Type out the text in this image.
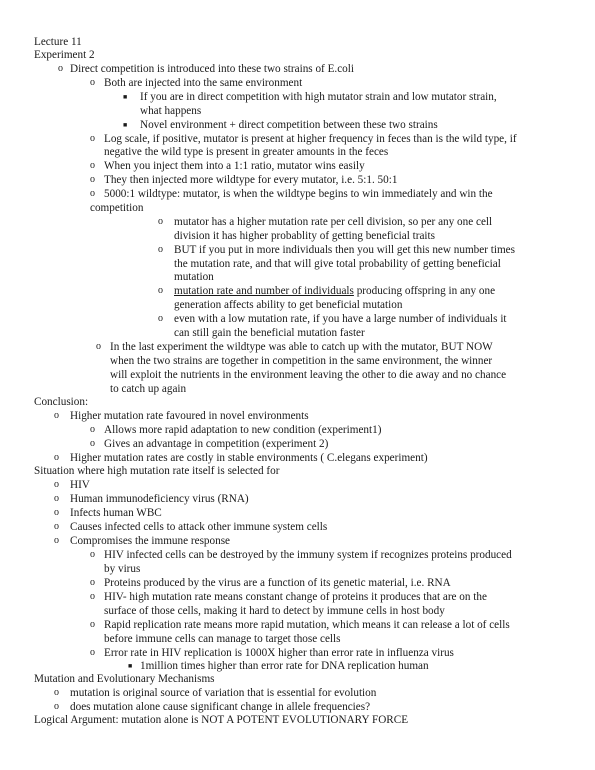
Lecture 11
Experiment 2
o Direct competition is introduced into these two strains of E.coli
o Both are injected into the same environment
■ If you are in direct competition with high mutator strain and low mutator strain,
what happens
■ Novel environment + direct competition between these two strains
o Log scale, if positive, mutator is present at higher frequency in feces than is the wild type, if
negative the wild type is present in greater amounts in the feces
o When you inject them into a 1:1 ratio, mutator wins easily
o They then injected more wildtype for every mutator, i.e. 5:1. 50:1
o 5000:1 wildtype: mutator, is when the wildtype begins to win immediately and win the
competition
o mutator has a higher mutation rate per cell division, so per any one cell
division it has higher probablity of getting beneficial traits
o BUT if you put in more individuals then you will get this new number times
the mutation rate, and that will give total probability of getting beneficial
mutation
o mutation rate and number of individuals producing offspring in any one
generation affects ability to get beneficial mutation
o even with a low mutation rate, if you have a large number of individuals it
can still gain the beneficial mutation faster
o In the last experiment the wildtype was able to catch up with the mutator, BUT NOW
when the two strains are together in competition in the same environment, the winner
will exploit the nutrients in the environment leaving the other to die away and no chance
to catch up again
Conclusion:
o Higher mutation rate favoured in novel environments
o Allows more rapid adaptation to new condition (experiment1)
o Gives an advantage in competition (experiment 2)
o Higher mutation rates are costly in stable environments ( C.elegans experiment)
Situation where high mutation rate itself is selected for
o HIV
o Human immunodeficiency virus (RNA)
o Infects human WBC
o Causes infected cells to attack other immune system cells
o Compromises the immune response
o HIV infected cells can be destroyed by the immuny system if recognizes proteins produced
by virus
o Proteins produced by the virus are a function of its genetic material, i.e. RNA
o HIV- high mutation rate means constant change of proteins it produces that are on the
surface of those cells, making it hard to detect by immune cells in host body
o Rapid replication rate means more rapid mutation, which means it can release a lot of cells
before immune cells can manage to target those cells
o Error rate in HIV replication is 1000X higher than error rate in influenza virus
■ 1million times higher than error rate for DNA replication human
Mutation and Evolutionary Mechanisms
o mutation is original source of variation that is essential for evolution
o does mutation alone cause significant change in allele frequencies?
Logical Argument: mutation alone is NOT A POTENT EVOLUTIONARY FORCE
